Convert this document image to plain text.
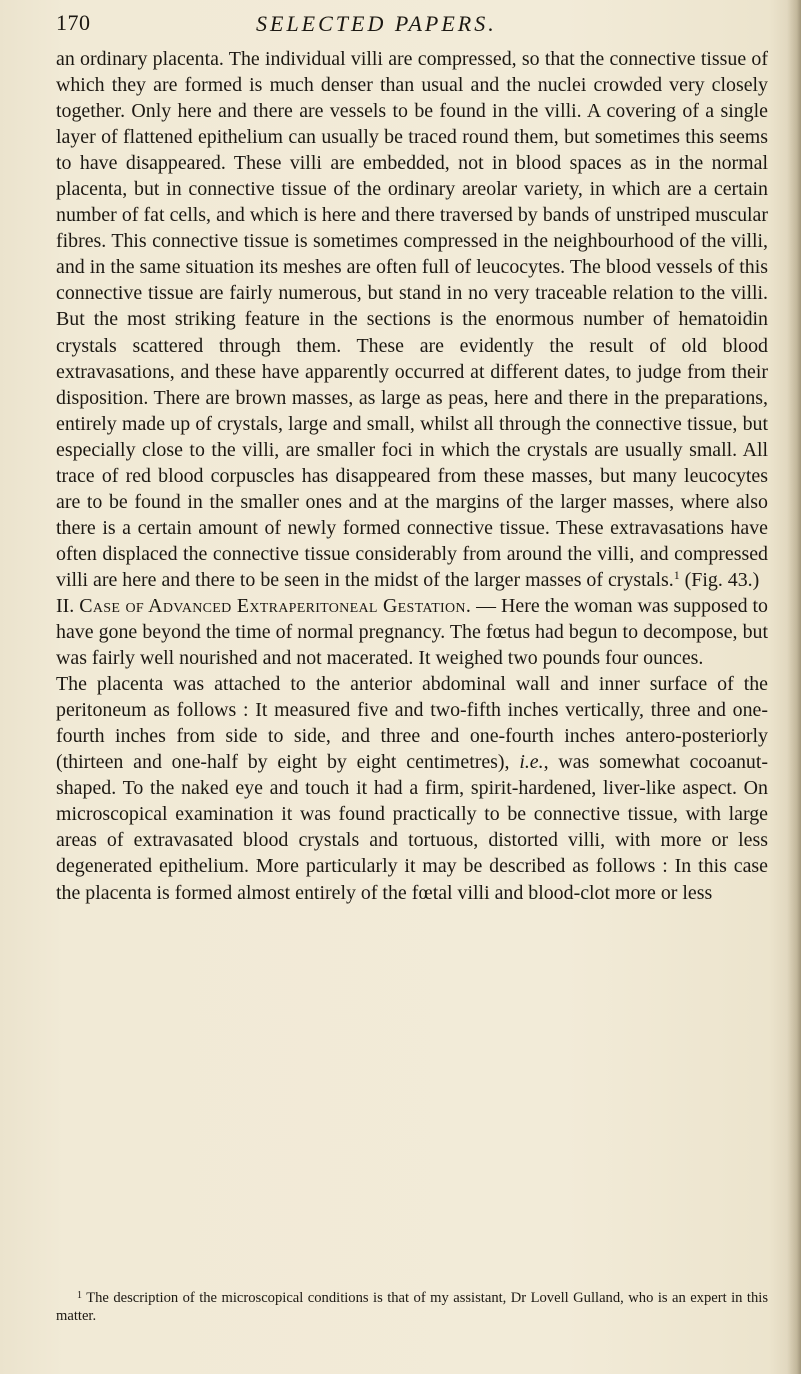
170	SELECTED PAPERS.

an ordinary placenta. The individual villi are compressed, so that the connective tissue of which they are formed is much denser than usual and the nuclei crowded very closely together. Only here and there are vessels to be found in the villi. A covering of a single layer of flattened epithelium can usually be traced round them, but sometimes this seems to have disappeared. These villi are embedded, not in blood spaces as in the normal placenta, but in connective tissue of the ordinary areolar variety, in which are a certain number of fat cells, and which is here and there traversed by bands of unstriped muscular fibres. This connective tissue is sometimes compressed in the neighbourhood of the villi, and in the same situation its meshes are often full of leucocytes. The blood vessels of this connective tissue are fairly numerous, but stand in no very traceable relation to the villi. But the most striking feature in the sections is the enormous number of hematoidin crystals scattered through them. These are evidently the result of old blood extravasations, and these have apparently occurred at different dates, to judge from their disposition. There are brown masses, as large as peas, here and there in the preparations, entirely made up of crystals, large and small, whilst all through the connective tissue, but especially close to the villi, are smaller foci in which the crystals are usually small. All trace of red blood corpuscles has disappeared from these masses, but many leucocytes are to be found in the smaller ones and at the margins of the larger masses, where also there is a certain amount of newly formed connective tissue. These extravasations have often displaced the connective tissue considerably from around the villi, and compressed villi are here and there to be seen in the midst of the larger masses of crystals.$^1$ (Fig. 43.)

II. Case of Advanced Extraperitoneal Gestation. — Here the woman was supposed to have gone beyond the time of normal pregnancy. The fœtus had begun to decompose, but was fairly well nourished and not macerated. It weighed two pounds four ounces.

The placenta was attached to the anterior abdominal wall and inner surface of the peritoneum as follows : It measured five and two-fifth inches vertically, three and one-fourth inches from side to side, and three and one-fourth inches antero-posteriorly (thirteen and one-half by eight by eight centimetres), i.e., was somewhat cocoanut-shaped. To the naked eye and touch it had a firm, spirit-hardened, liver-like aspect. On microscopical examination it was found practically to be connective tissue, with large areas of extravasated blood crystals and tortuous, distorted villi, with more or less degenerated epithelium. More particularly it may be described as follows : In this case the placenta is formed almost entirely of the fœtal villi and blood-clot more or less

$^1$ The description of the microscopical conditions is that of my assistant, Dr Lovell Gulland, who is an expert in this matter.
